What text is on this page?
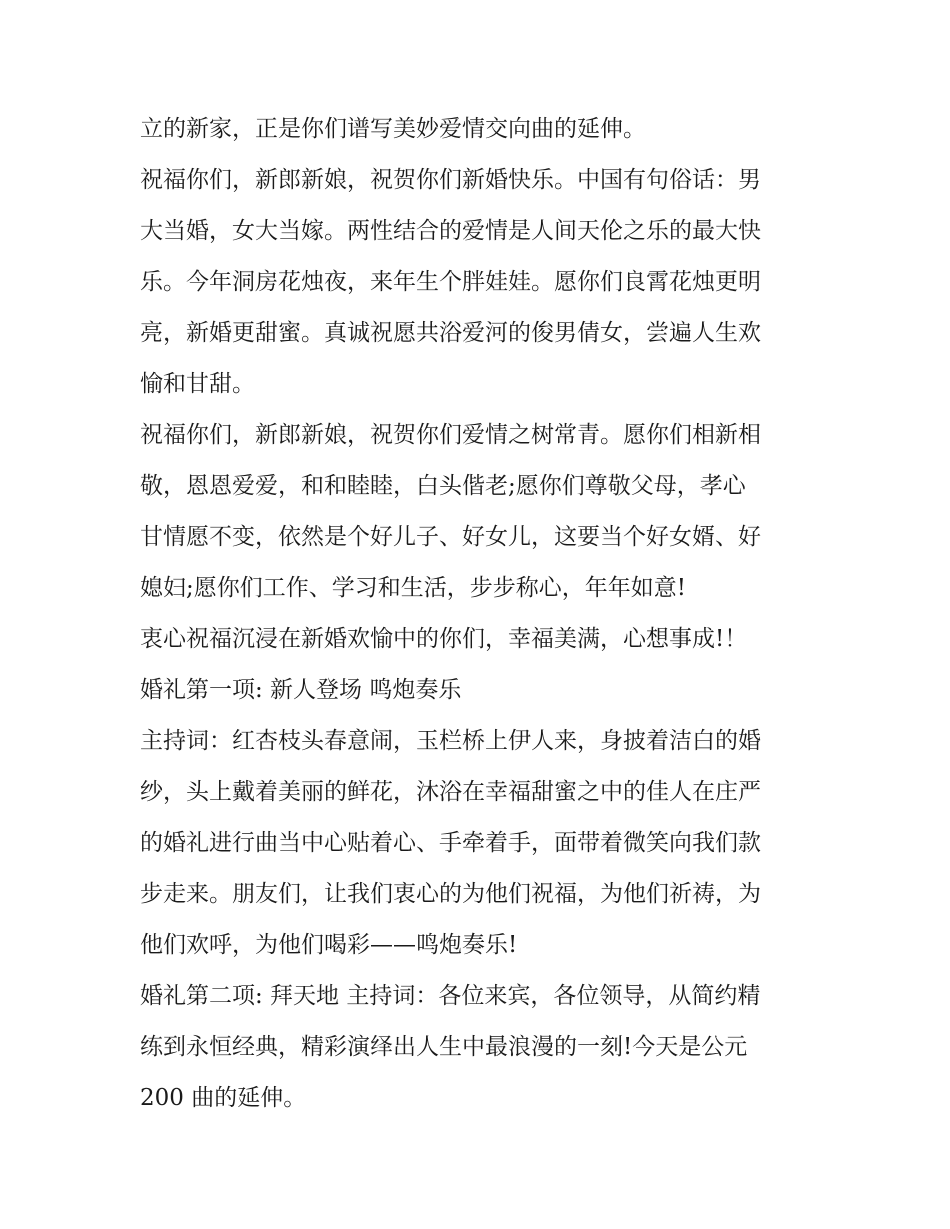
立的新家，正是你们谱写美妙爱情交向曲的延伸。
祝福你们，新郎新娘，祝贺你们新婚快乐。中国有句俗话：男
大当婚，女大当嫁。两性结合的爱情是人间天伦之乐的最大快
乐。今年洞房花烛夜，来年生个胖娃娃。愿你们良霄花烛更明
亮，新婚更甜蜜。真诚祝愿共浴爱河的俊男倩女，尝遍人生欢
愉和甘甜。
祝福你们，新郎新娘，祝贺你们爱情之树常青。愿你们相新相
敬，恩恩爱爱，和和睦睦，白头偕老;愿你们尊敬父母，孝心
甘情愿不变，依然是个好儿子、好女儿，这要当个好女婿、好
媳妇;愿你们工作、学习和生活，步步称心，年年如意!
衷心祝福沉浸在新婚欢愉中的你们，幸福美满，心想事成!！
婚礼第一项: 新人登场 鸣炮奏乐
主持词：红杏枝头春意闹，玉栏桥上伊人来，身披着洁白的婚
纱，头上戴着美丽的鲜花，沐浴在幸福甜蜜之中的佳人在庄严
的婚礼进行曲当中心贴着心、手牵着手，面带着微笑向我们款
步走来。朋友们，让我们衷心的为他们祝福，为他们祈祷，为
他们欢呼，为他们喝彩——鸣炮奏乐!
婚礼第二项: 拜天地 主持词：各位来宾，各位领导，从简约精
练到永恒经典，精彩演绎出人生中最浪漫的一刻!今天是公元
200 曲的延伸。
